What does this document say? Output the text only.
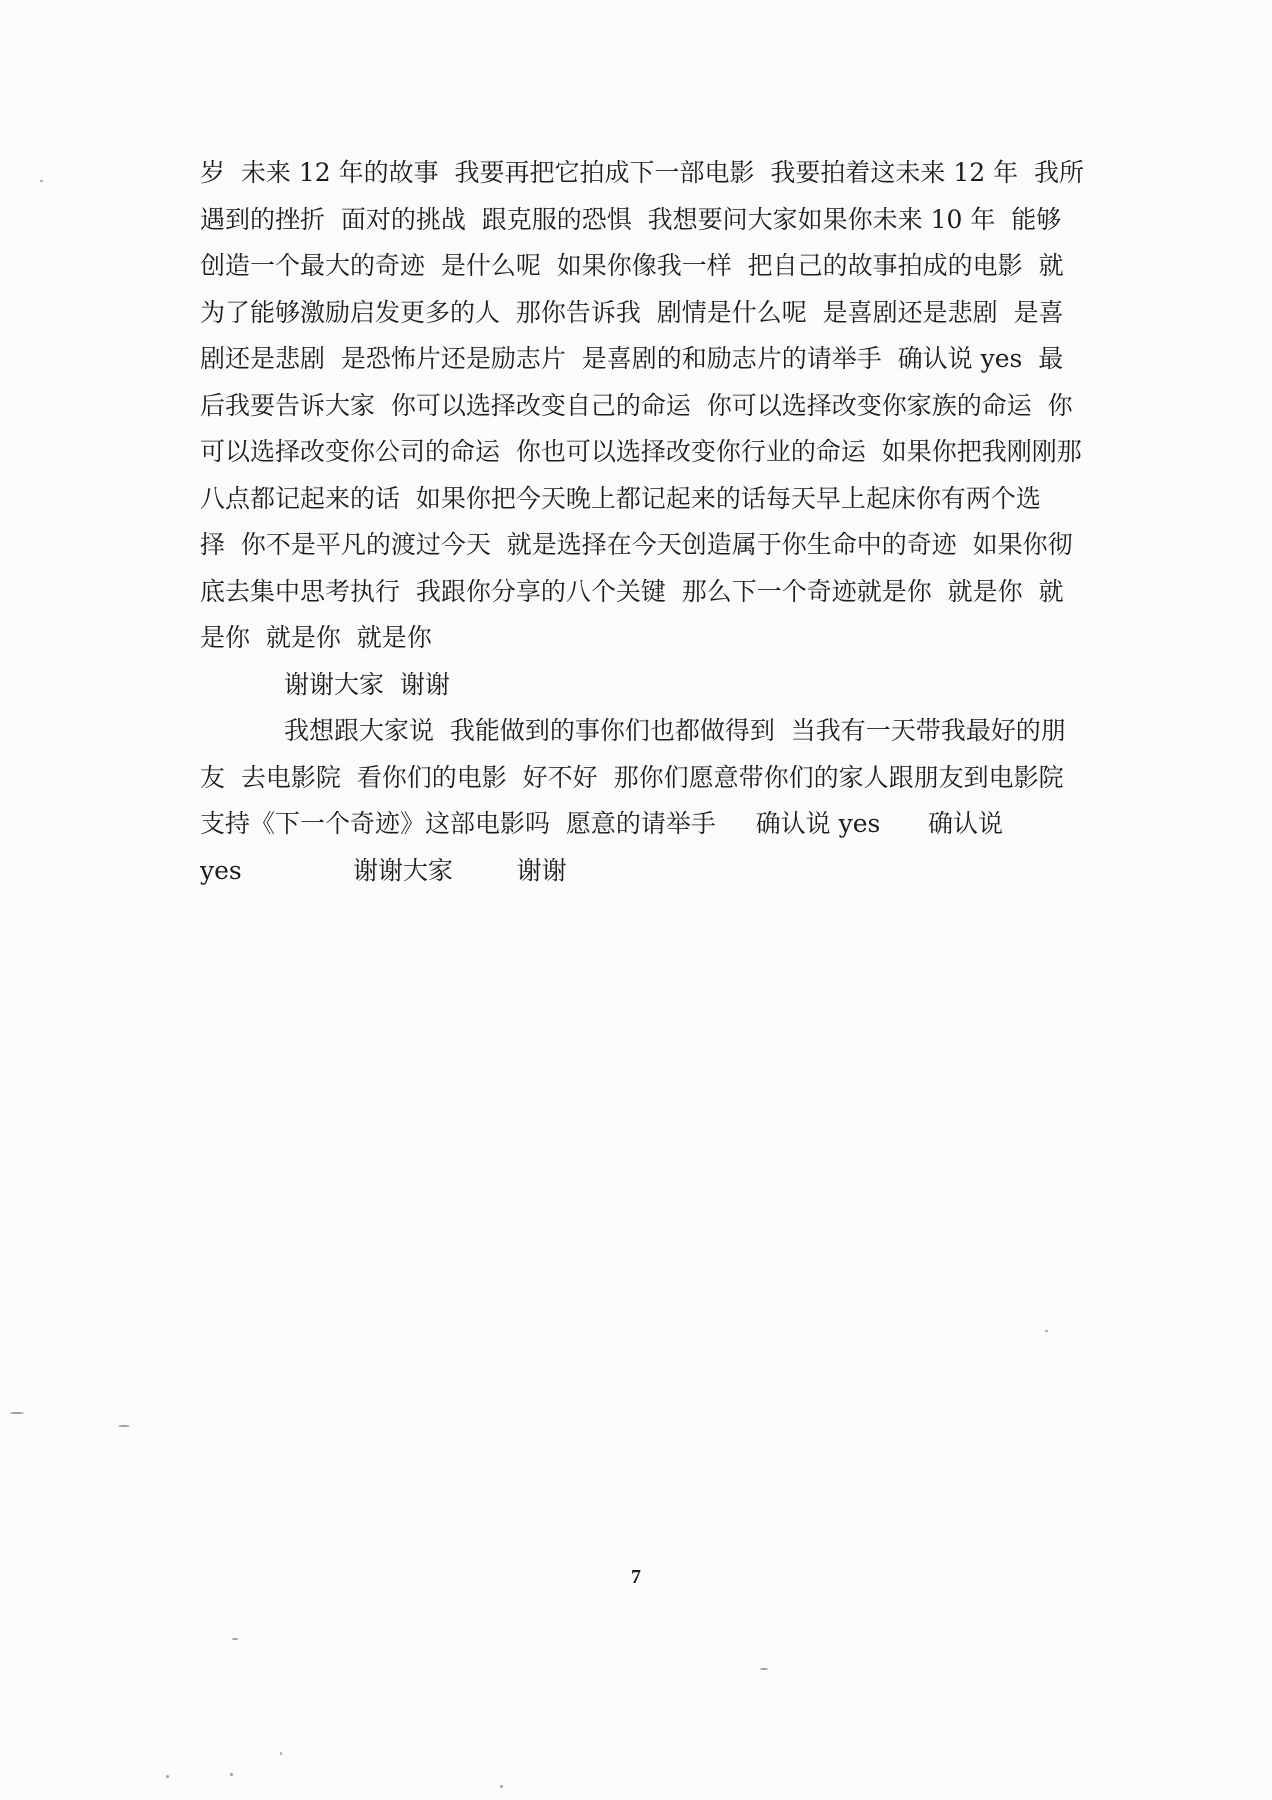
岁  未来 12 年的故事  我要再把它拍成下一部电影  我要拍着这未来 12 年  我所
遇到的挫折  面对的挑战  跟克服的恐惧  我想要问大家如果你未来 10 年  能够
创造一个最大的奇迹  是什么呢  如果你像我一样  把自己的故事拍成的电影  就
为了能够激励启发更多的人  那你告诉我  剧情是什么呢  是喜剧还是悲剧  是喜
剧还是悲剧  是恐怖片还是励志片  是喜剧的和励志片的请举手  确认说 yes  最
后我要告诉大家  你可以选择改变自己的命运  你可以选择改变你家族的命运  你
可以选择改变你公司的命运  你也可以选择改变你行业的命运  如果你把我刚刚那
八点都记起来的话  如果你把今天晚上都记起来的话每天早上起床你有两个选
择  你不是平凡的渡过今天  就是选择在今天创造属于你生命中的奇迹  如果你彻
底去集中思考执行  我跟你分享的八个关键  那么下一个奇迹就是你  就是你  就
是你  就是你  就是你
谢谢大家  谢谢
我想跟大家说  我能做到的事你们也都做得到  当我有一天带我最好的朋
友  去电影院  看你们的电影  好不好  那你们愿意带你们的家人跟朋友到电影院
支持《下一个奇迹》这部电影吗  愿意的请举手     确认说 yes      确认说
yes              谢谢大家        谢谢
7
